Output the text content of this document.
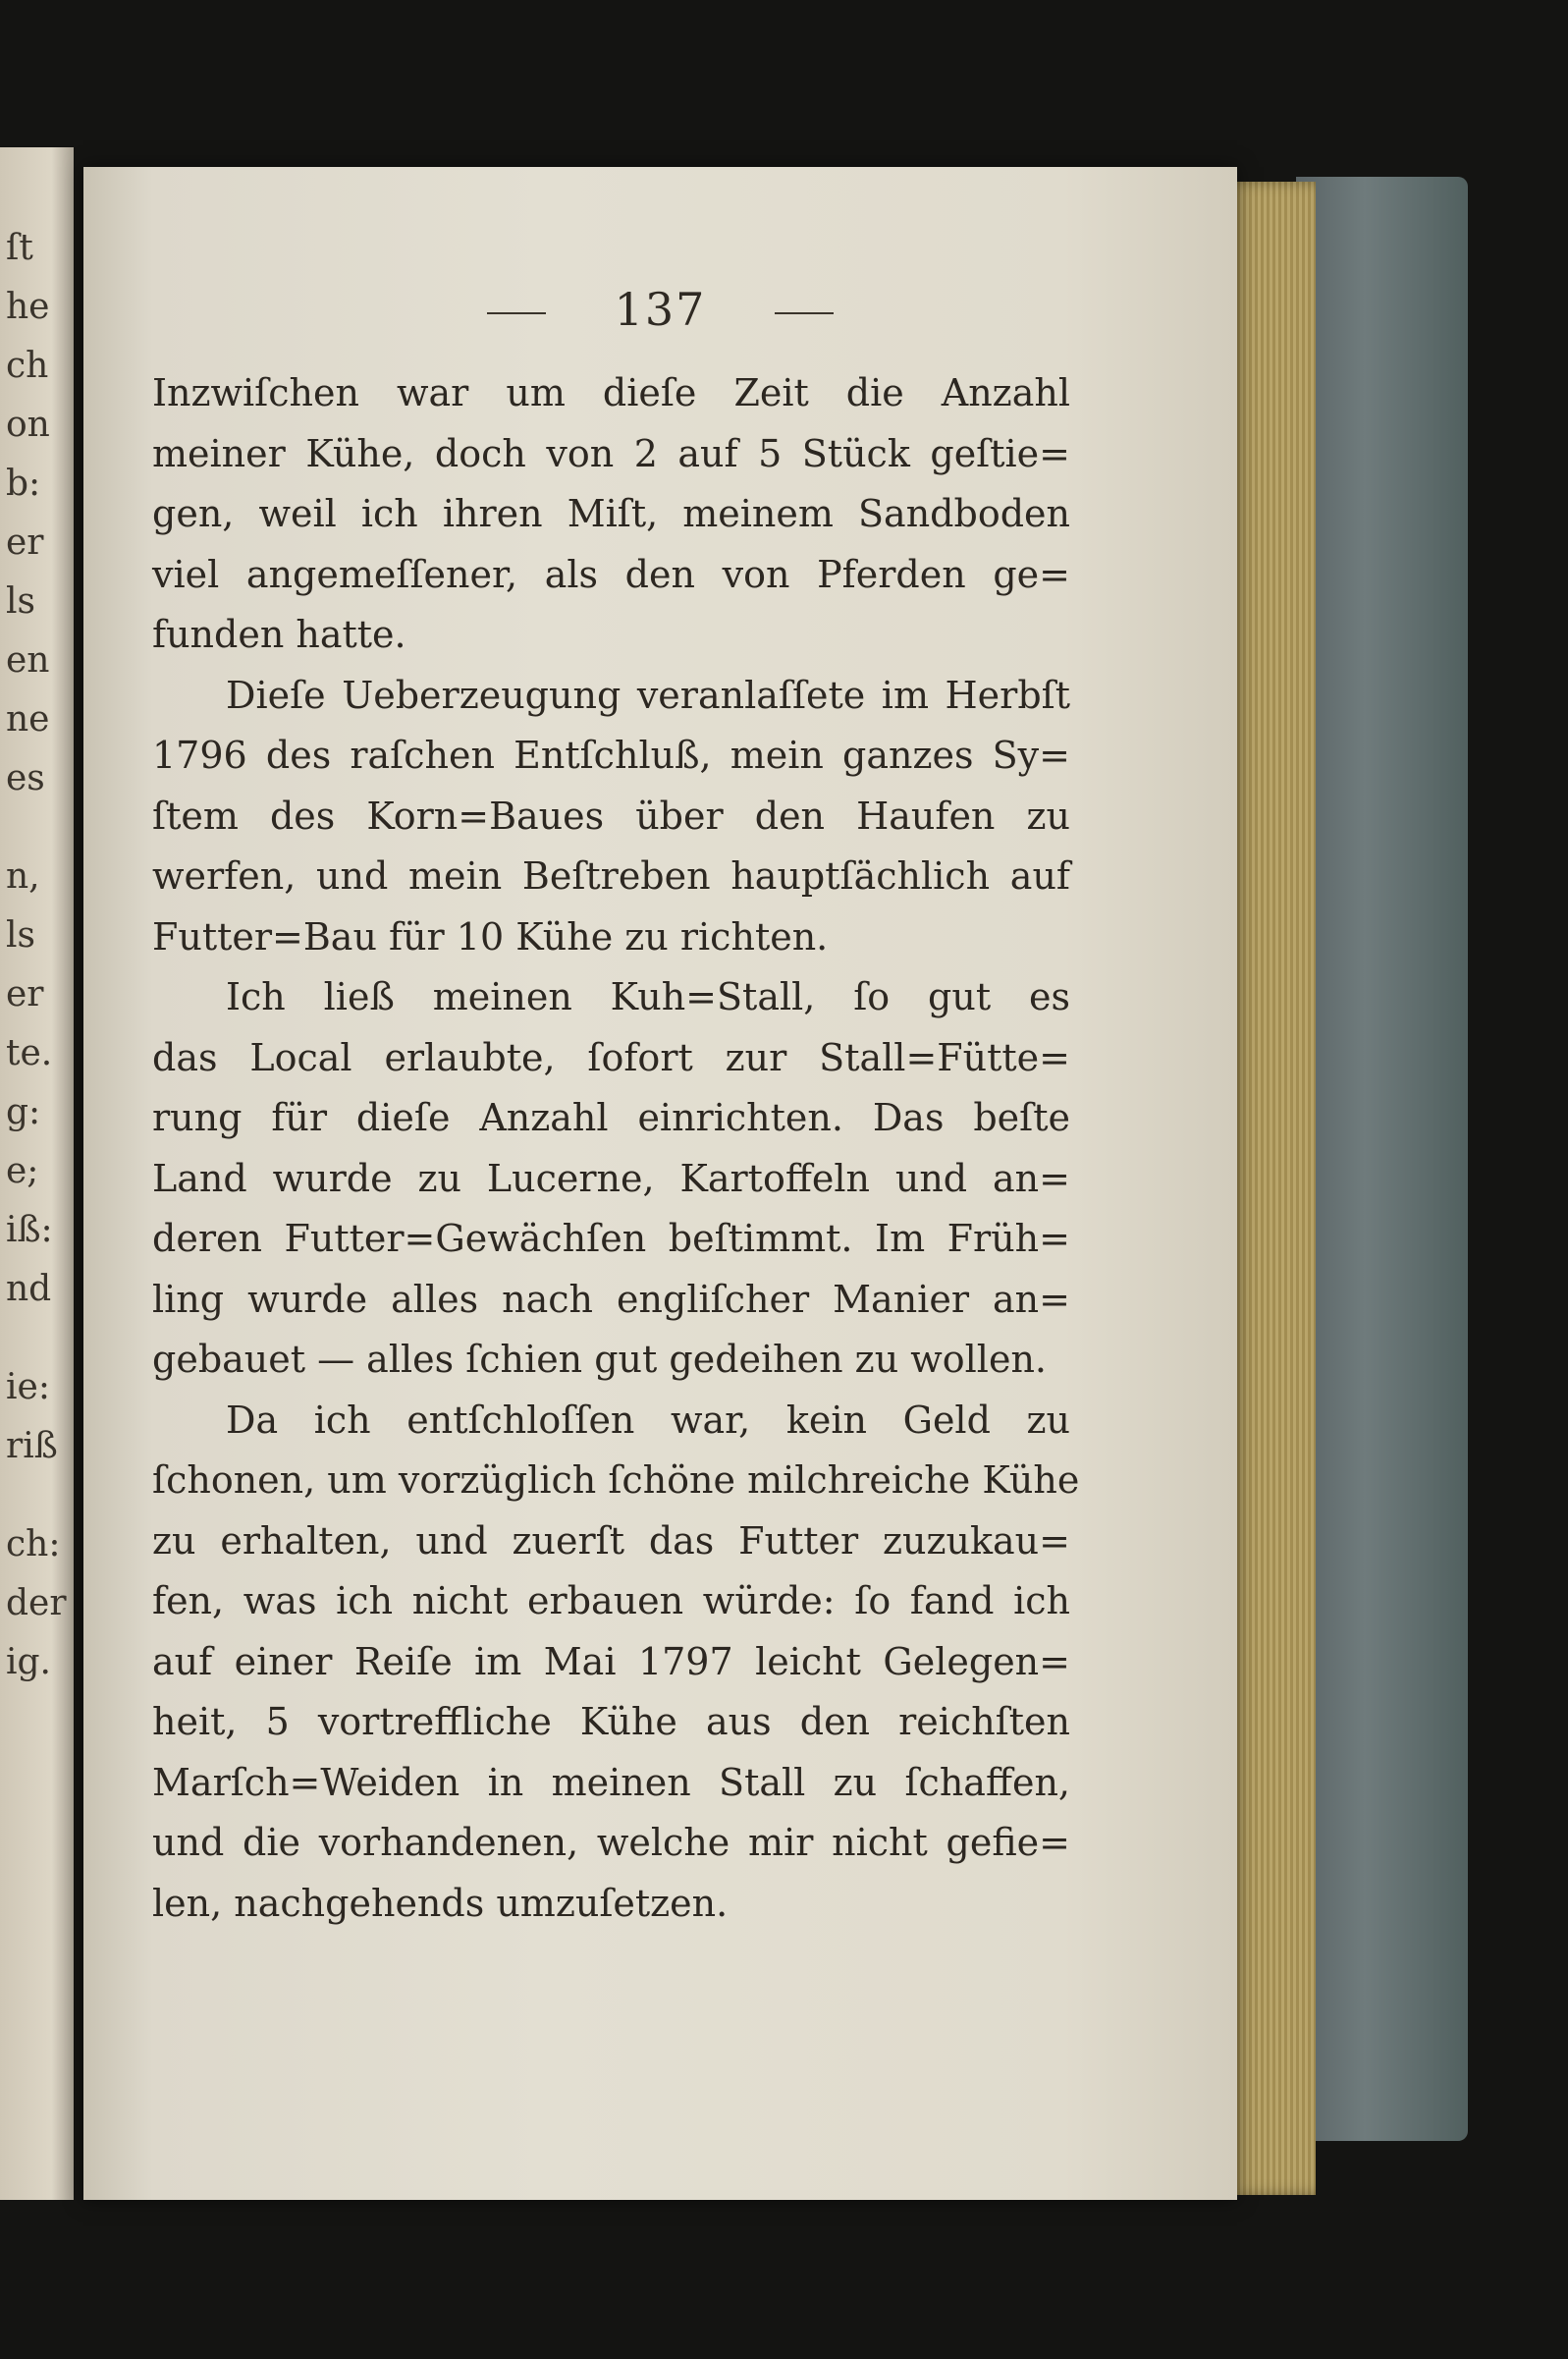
ſt
he
ch
on
b:
er
ls
en
ne
es
n,
ls
er
te.
g:
e;
iß:
nd
ie:
riß
ch:
der
ig.
137
Inzwiſchen war um dieſe Zeit die Anzahl
meiner Kühe, doch von 2 auf 5 Stück geſtie=
gen, weil ich ihren Miſt, meinem Sandboden
viel angemeſſener, als den von Pferden ge=
funden hatte.
Dieſe Ueberzeugung veranlaſſete im Herbſt
1796 des raſchen Entſchluß, mein ganzes Sy=
ſtem des Korn=Baues über den Haufen zu
werfen, und mein Beſtreben hauptſächlich auf
Futter=Bau für 10 Kühe zu richten.
Ich ließ meinen Kuh=Stall, ſo gut es
das Local erlaubte, ſofort zur Stall=Fütte=
rung für dieſe Anzahl einrichten. Das beſte
Land wurde zu Lucerne, Kartoffeln und an=
deren Futter=Gewächſen beſtimmt. Im Früh=
ling wurde alles nach engliſcher Manier an=
gebauet — alles ſchien gut gedeihen zu wollen.
Da ich entſchloſſen war, kein Geld zu
ſchonen, um vorzüglich ſchöne milchreiche Kühe
zu erhalten, und zuerſt das Futter zuzukau=
fen, was ich nicht erbauen würde: ſo fand ich
auf einer Reiſe im Mai 1797 leicht Gelegen=
heit, 5 vortreffliche Kühe aus den reichſten
Marſch=Weiden in meinen Stall zu ſchaffen,
und die vorhandenen, welche mir nicht gefie=
len, nachgehends umzuſetzen.
